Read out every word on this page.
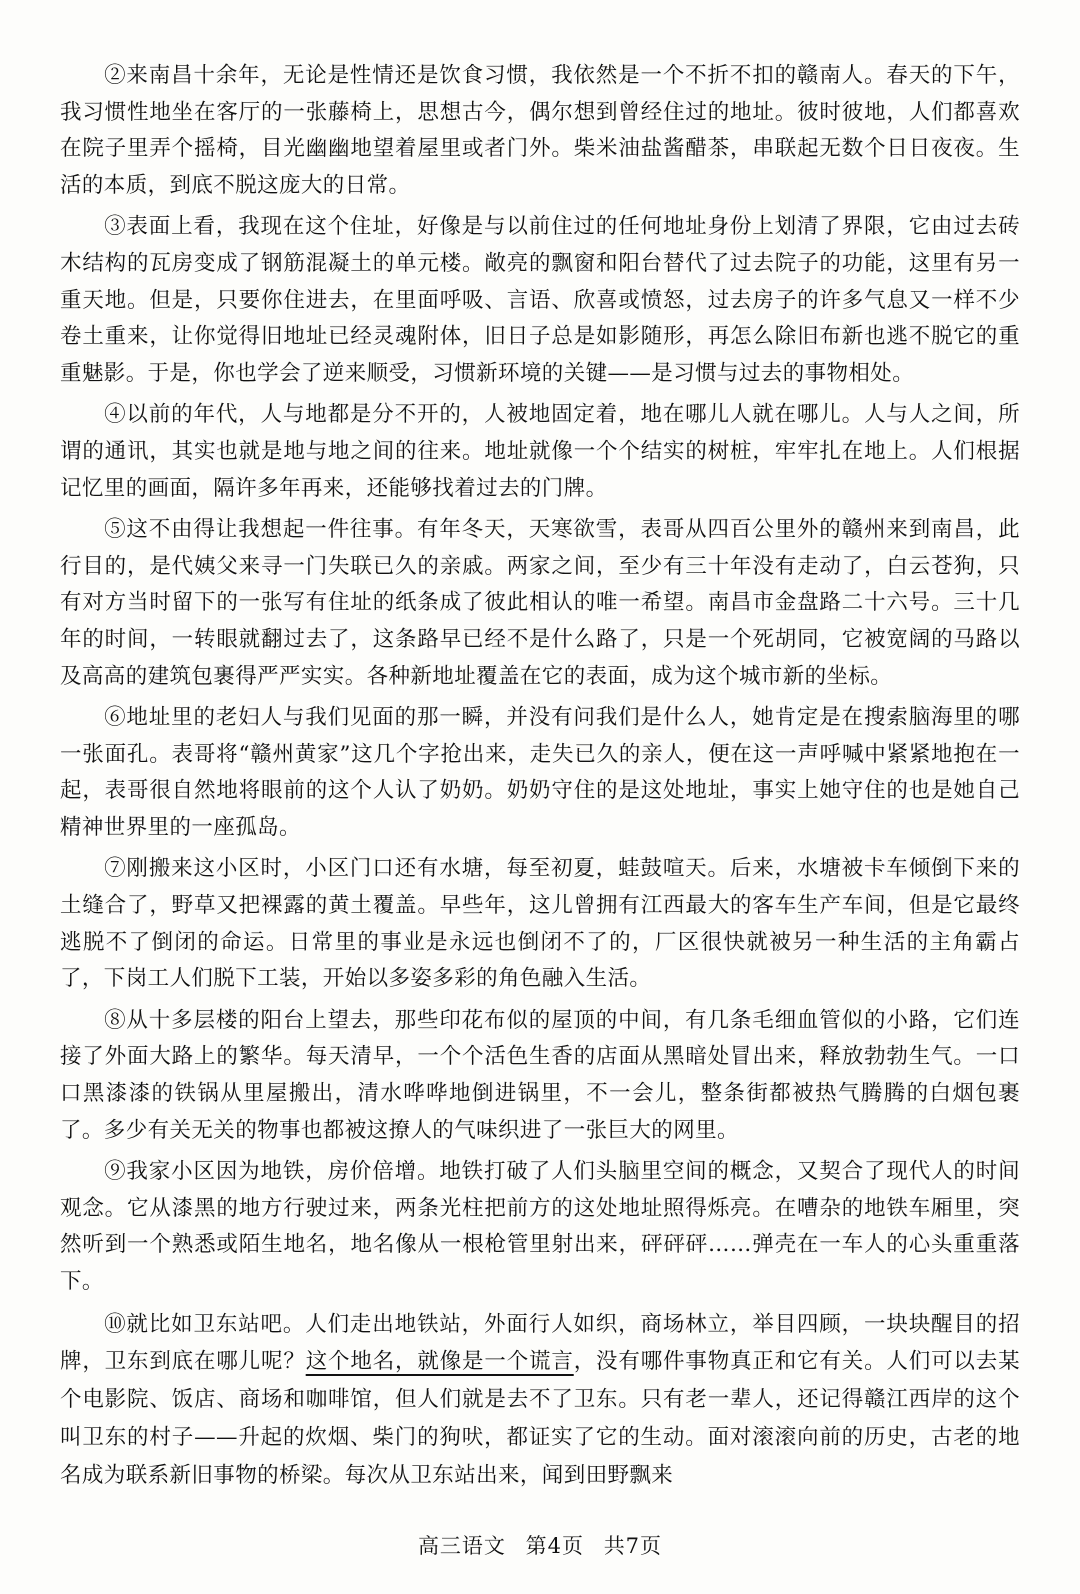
②来南昌十余年，无论是性情还是饮食习惯，我依然是一个不折不扣的赣南人。春天的下午，我习惯性地坐在客厅的一张藤椅上，思想古今，偶尔想到曾经住过的地址。彼时彼地，人们都喜欢在院子里弄个摇椅，目光幽幽地望着屋里或者门外。柴米油盐酱醋茶，串联起无数个日日夜夜。生活的本质，到底不脱这庞大的日常。

③表面上看，我现在这个住址，好像是与以前住过的任何地址身份上划清了界限，它由过去砖木结构的瓦房变成了钢筋混凝土的单元楼。敞亮的飘窗和阳台替代了过去院子的功能，这里有另一重天地。但是，只要你住进去，在里面呼吸、言语、欣喜或愤怒，过去房子的许多气息又一样不少卷土重来，让你觉得旧地址已经灵魂附体，旧日子总是如影随形，再怎么除旧布新也逃不脱它的重重魅影。于是，你也学会了逆来顺受，习惯新环境的关键——是习惯与过去的事物相处。

④以前的年代，人与地都是分不开的，人被地固定着，地在哪儿人就在哪儿。人与人之间，所谓的通讯，其实也就是地与地之间的往来。地址就像一个个结实的树桩，牢牢扎在地上。人们根据记忆里的画面，隔许多年再来，还能够找着过去的门牌。

⑤这不由得让我想起一件往事。有年冬天，天寒欲雪，表哥从四百公里外的赣州来到南昌，此行目的，是代姨父来寻一门失联已久的亲戚。两家之间，至少有三十年没有走动了，白云苍狗，只有对方当时留下的一张写有住址的纸条成了彼此相认的唯一希望。南昌市金盘路二十六号。三十几年的时间，一转眼就翻过去了，这条路早已经不是什么路了，只是一个死胡同，它被宽阔的马路以及高高的建筑包裹得严严实实。各种新地址覆盖在它的表面，成为这个城市新的坐标。

⑥地址里的老妇人与我们见面的那一瞬，并没有问我们是什么人，她肯定是在搜索脑海里的哪一张面孔。表哥将“赣州黄家”这几个字抢出来，走失已久的亲人，便在这一声呼喊中紧紧地抱在一起，表哥很自然地将眼前的这个人认了奶奶。奶奶守住的是这处地址，事实上她守住的也是她自己精神世界里的一座孤岛。

⑦刚搬来这小区时，小区门口还有水塘，每至初夏，蛙鼓喧天。后来，水塘被卡车倾倒下来的土缝合了，野草又把裸露的黄土覆盖。早些年，这儿曾拥有江西最大的客车生产车间，但是它最终逃脱不了倒闭的命运。日常里的事业是永远也倒闭不了的，厂区很快就被另一种生活的主角霸占了，下岗工人们脱下工装，开始以多姿多彩的角色融入生活。

⑧从十多层楼的阳台上望去，那些印花布似的屋顶的中间，有几条毛细血管似的小路，它们连接了外面大路上的繁华。每天清早，一个个活色生香的店面从黑暗处冒出来，释放勃勃生气。一口口黑漆漆的铁锅从里屋搬出，清水哗哗地倒进锅里，不一会儿，整条街都被热气腾腾的白烟包裹了。多少有关无关的物事也都被这撩人的气味织进了一张巨大的网里。

⑨我家小区因为地铁，房价倍增。地铁打破了人们头脑里空间的概念，又契合了现代人的时间观念。它从漆黑的地方行驶过来，两条光柱把前方的这处地址照得烁亮。在嘈杂的地铁车厢里，突然听到一个熟悉或陌生地名，地名像从一根枪管里射出来，砰砰砰……弹壳在一车人的心头重重落下。

⑩就比如卫东站吧。人们走出地铁站，外面行人如织，商场林立，举目四顾，一块块醒目的招牌，卫东到底在哪儿呢？这个地名，就像是一个谎言，没有哪件事物真正和它有关。人们可以去某个电影院、饭店、商场和咖啡馆，但人们就是去不了卫东。只有老一辈人，还记得赣江西岸的这个叫卫东的村子——升起的炊烟、柴门的狗吠，都证实了它的生动。面对滚滚向前的历史，古老的地名成为联系新旧事物的桥梁。每次从卫东站出来，闻到田野飘来

高三语文 第4页 共7页
